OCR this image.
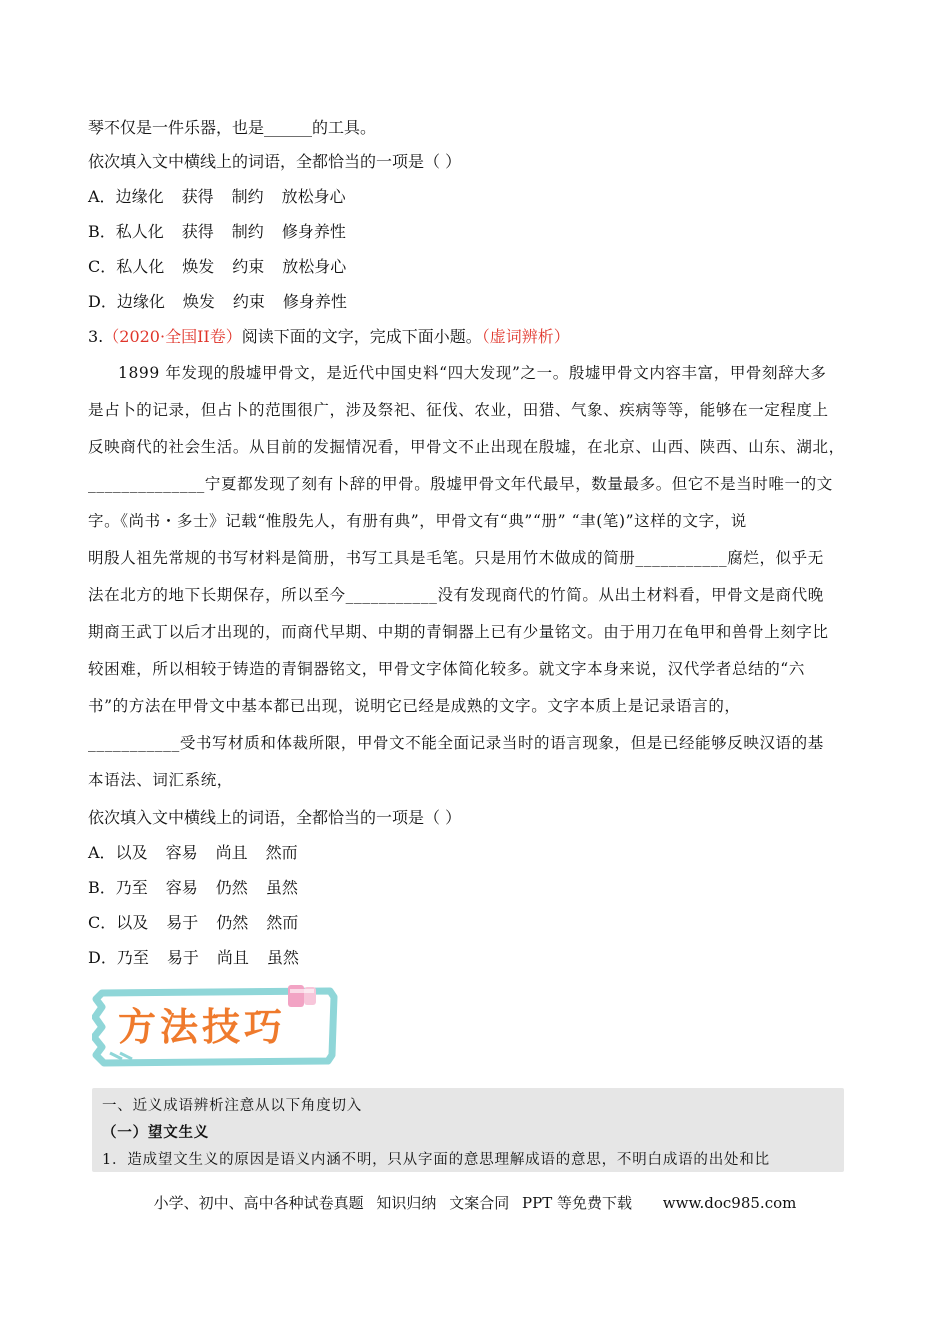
琴不仅是一件乐器，也是______的工具。
依次填入文中横线上的词语，全都恰当的一项是（ ）
A．边缘化 获得 制约 放松身心
B．私人化 获得 制约 修身养性
C．私人化 焕发 约束 放松身心
D．边缘化 焕发 约束 修身养性
3.（2020·全国II卷）阅读下面的文字，完成下面小题。（虚词辨析）
1899 年发现的殷墟甲骨文，是近代中国史料“四大发现”之一。殷墟甲骨文内容丰富，甲骨刻辞大多
是占卜的记录，但占卜的范围很广，涉及祭祀、征伐、农业，田猎、气象、疾病等等，能够在一定程度上
反映商代的社会生活。从目前的发掘情况看，甲骨文不止出现在殷墟，在北京、山西、陕西、山东、湖北，
______________宁夏都发现了刻有卜辞的甲骨。殷墟甲骨文年代最早，数量最多。但它不是当时唯一的文
字。《尚书・多士》记载“惟殷先人，有册有典”，甲骨文有“典”“册” “聿(笔)”这样的文字，说
明殷人祖先常规的书写材料是简册，书写工具是毛笔。只是用竹木做成的简册___________腐烂，似乎无
法在北方的地下长期保存，所以至今___________没有发现商代的竹简。从出土材料看，甲骨文是商代晚
期商王武丁以后才出现的，而商代早期、中期的青铜器上已有少量铭文。由于用刀在龟甲和兽骨上刻字比
较困难，所以相较于铸造的青铜器铭文，甲骨文字体简化较多。就文字本身来说，汉代学者总结的“六
书”的方法在甲骨文中基本都已出现，说明它已经是成熟的文字。文字本质上是记录语言的，
___________受书写材质和体裁所限，甲骨文不能全面记录当时的语言现象，但是已经能够反映汉语的基
本语法、词汇系统，
依次填入文中横线上的词语，全都恰当的一项是（ ）
A．以及 容易 尚且 然而
B．乃至 容易 仍然 虽然
C．以及 易于 仍然 然而
D．乃至 易于 尚且 虽然
方法技巧
一、近义成语辨析注意从以下角度切入
（一）望文生义
1．造成望文生义的原因是语义内涵不明，只从字面的意思理解成语的意思，不明白成语的出处和比
小学、初中、高中各种试卷真题 知识归纳 文案合同 PPT 等免费下载 www.doc985.com
